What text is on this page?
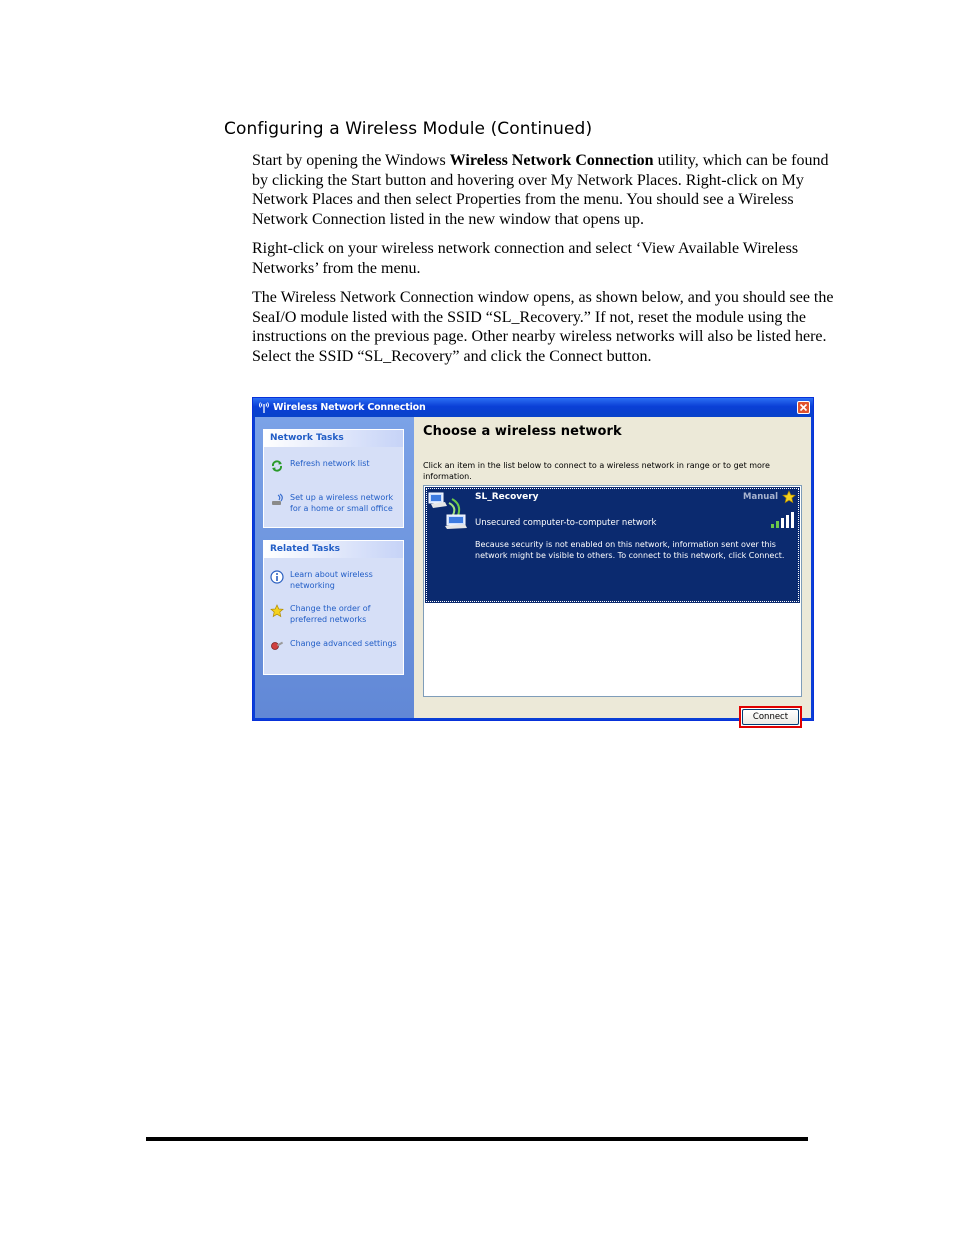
Configuring a Wireless Module (Continued)

Start by opening the Windows Wireless Network Connection utility, which can be found by clicking the Start button and hovering over My Network Places. Right-click on My Network Places and then select Properties from the menu. You should see a Wireless Network Connection listed in the new window that opens up.

Right-click on your wireless network connection and select ‘View Available Wireless Networks’ from the menu.

The Wireless Network Connection window opens, as shown below, and you should see the SeaI/O module listed with the SSID “SL_Recovery.” If not, reset the module using the instructions on the previous page. Other nearby wireless networks will also be listed here. Select the SSID “SL_Recovery” and click the Connect button.

Wireless Network Connection
Network Tasks
Refresh network list
Set up a wireless network for a home or small office
Related Tasks
Learn about wireless networking
Change the order of preferred networks
Change advanced settings
Choose a wireless network
Click an item in the list below to connect to a wireless network in range or to get more information.
SL_Recovery	Manual
Unsecured computer-to-computer network
Because security is not enabled on this network, information sent over this network might be visible to others. To connect to this network, click Connect.
Connect
